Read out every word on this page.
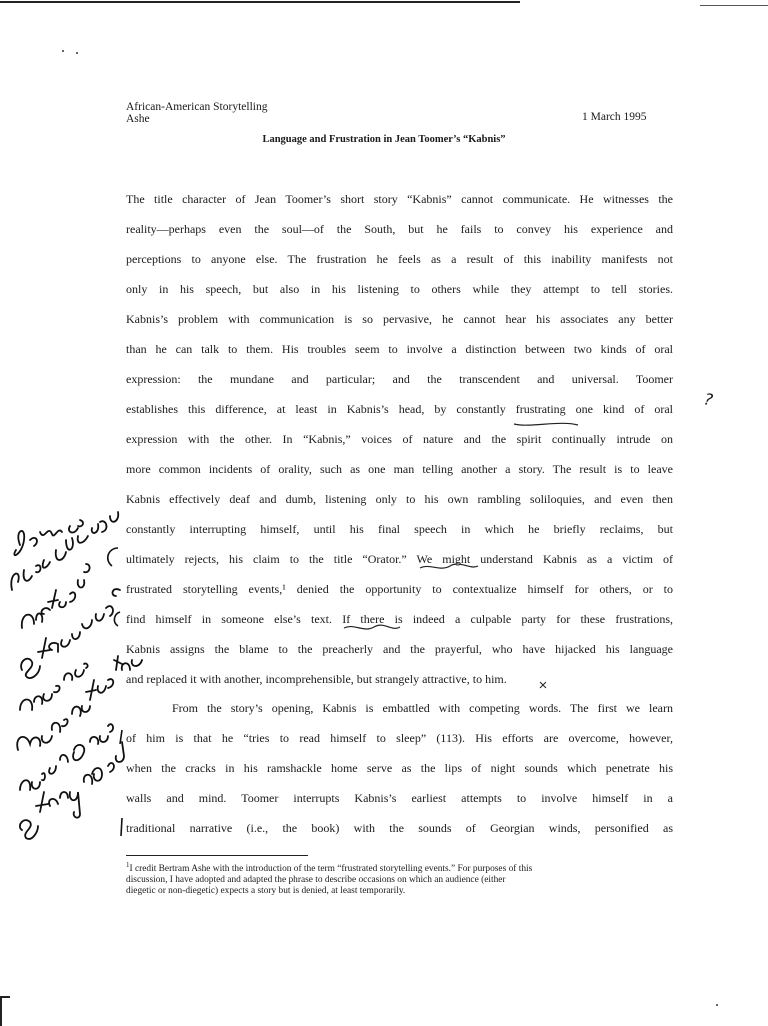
African-American Storytelling
Ashe	1 March 1995
Language and Frustration in Jean Toomer’s “Kabnis”
The title character of Jean Toomer’s short story “Kabnis” cannot communicate. He witnesses the
reality—perhaps even the soul—of the South, but he fails to convey his experience and
perceptions to anyone else. The frustration he feels as a result of this inability manifests not
only in his speech, but also in his listening to others while they attempt to tell stories.
Kabnis’s problem with communication is so pervasive, he cannot hear his associates any better
than he can talk to them. His troubles seem to involve a distinction between two kinds of oral
expression: the mundane and particular; and the transcendent and universal. Toomer
establishes this difference, at least in Kabnis’s head, by constantly frustrating one kind of oral
expression with the other. In “Kabnis,” voices of nature and the spirit continually intrude on
more common incidents of orality, such as one man telling another a story. The result is to leave
Kabnis effectively deaf and dumb, listening only to his own rambling soliloquies, and even then
constantly interrupting himself, until his final speech in which he briefly reclaims, but
ultimately rejects, his claim to the title “Orator.” We might understand Kabnis as a victim of
frustrated storytelling events,¹ denied the opportunity to contextualize himself for others, or to
find himself in someone else’s text. If there is indeed a culpable party for these frustrations,
Kabnis assigns the blame to the preacherly and the prayerful, who have hijacked his language
and replaced it with another, incomprehensible, but strangely attractive, to him.
From the story’s opening, Kabnis is embattled with competing words. The first we learn
of him is that he “tries to read himself to sleep” (113). His efforts are overcome, however,
when the cracks in his ramshackle home serve as the lips of night sounds which penetrate his
walls and mind. Toomer interrupts Kabnis’s earliest attempts to involve himself in a
traditional narrative (i.e., the book) with the sounds of Georgian winds, personified as
?
$^1$I credit Bertram Ashe with the introduction of the term “frustrated storytelling events.” For purposes of this
discussion, I have adopted and adapted the phrase to describe occasions on which an audience (either
diegetic or non-diegetic) expects a story but is denied, at least temporarily.
